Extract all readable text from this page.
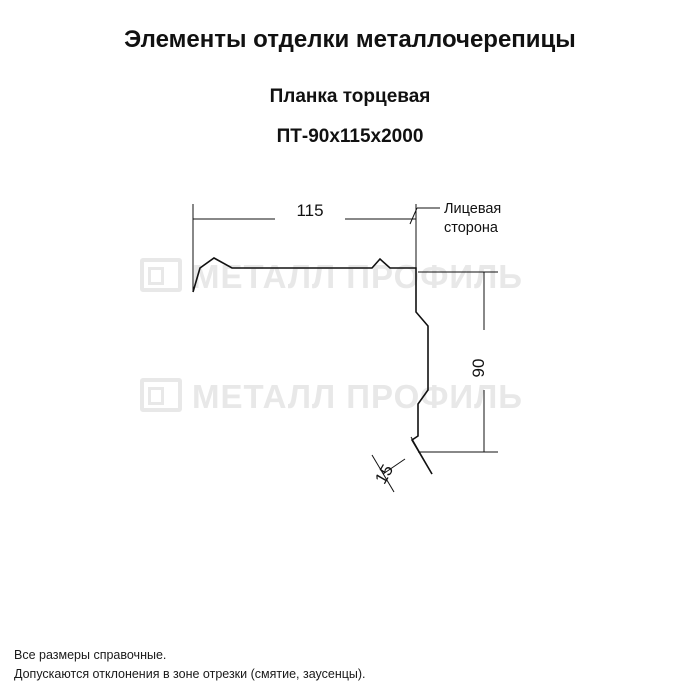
Элементы отделки металлочерепицы
Планка торцевая
ПТ-90х115х2000
МЕТАЛЛ ПРОФИЛЬ
МЕТАЛЛ ПРОФИЛЬ
115
90
15
Лицевая
сторона
Все размеры справочные.
Допускаются отклонения в зоне отрезки (смятие, заусенцы).
